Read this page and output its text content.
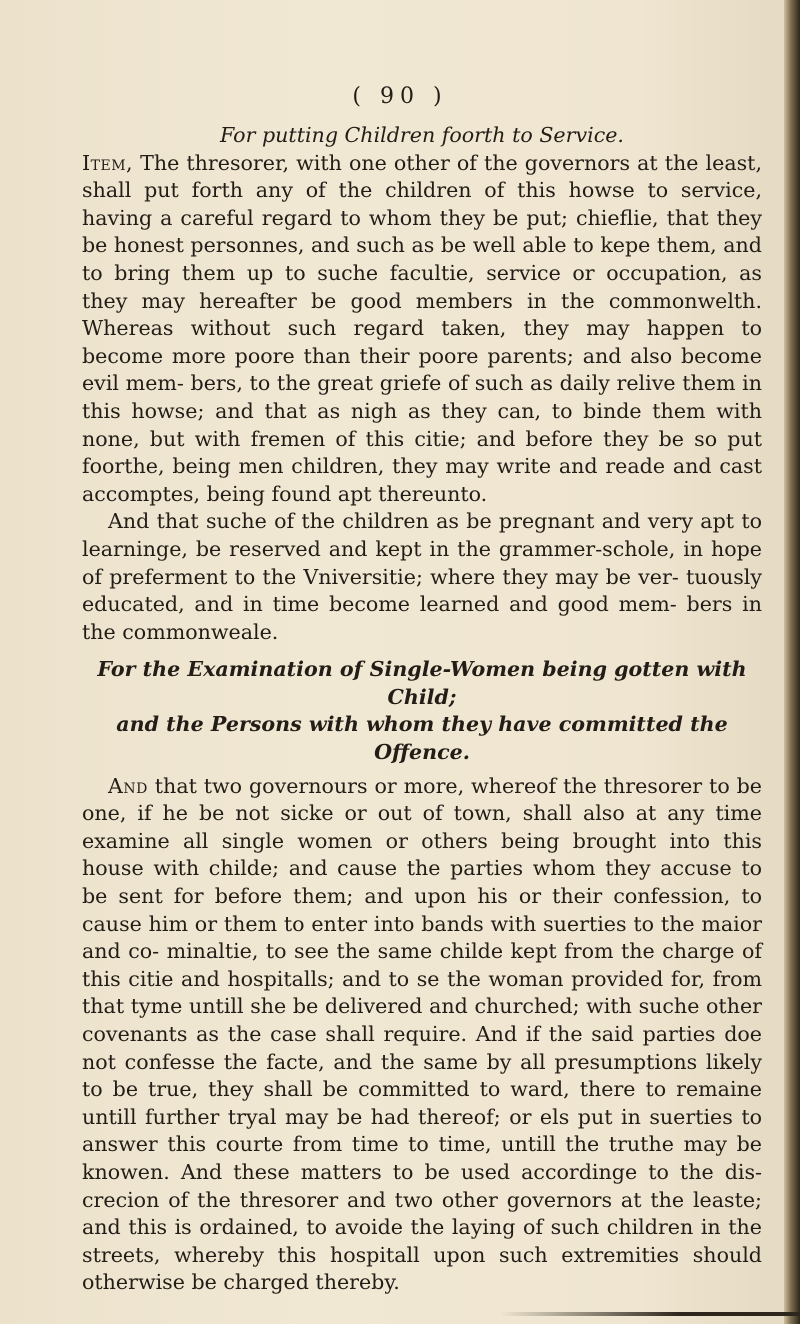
( 90 )

For putting Children foorth to Service.

Item, The thresorer, with one other of the governors at the least, shall put forth any of the children of this howse to service, having a careful regard to whom they be put; chieflie, that they be honest personnes, and such as be well able to kepe them, and to bring them up to suche facultie, service or occupation, as they may hereafter be good members in the commonwelth. Whereas without such regard taken, they may happen to become more poore than their poore parents; and also become evil mem- bers, to the great griefe of such as daily relive them in this howse; and that as nigh as they can, to binde them with none, but with fremen of this citie; and before they be so put foorthe, being men children, they may write and reade and cast accomptes, being found apt thereunto.

And that suche of the children as be pregnant and very apt to learninge, be reserved and kept in the grammer-schole, in hope of preferment to the Vniversitie; where they may be ver- tuously educated, and in time become learned and good mem- bers in the commonweale.

For the Examination of Single-Women being gotten with Child;
and the Persons with whom they have committed the Offence.

And that two governours or more, whereof the thresorer to be one, if he be not sicke or out of town, shall also at any time examine all single women or others being brought into this house with childe; and cause the parties whom they accuse to be sent for before them; and upon his or their confession, to cause him or them to enter into bands with suerties to the maior and co- minaltie, to see the same childe kept from the charge of this citie and hospitalls; and to se the woman provided for, from that tyme untill she be delivered and churched; with suche other covenants as the case shall require. And if the said parties doe not confesse the facte, and the same by all presumptions likely to be true, they shall be committed to ward, there to remaine untill further tryal may be had thereof; or els put in suerties to answer this courte from time to time, untill the truthe may be knowen. And these matters to be used accordinge to the dis- crecion of the thresorer and two other governors at the leaste; and this is ordained, to avoide the laying of such children in the streets, whereby this hospitall upon such extremities should otherwise be charged thereby.
